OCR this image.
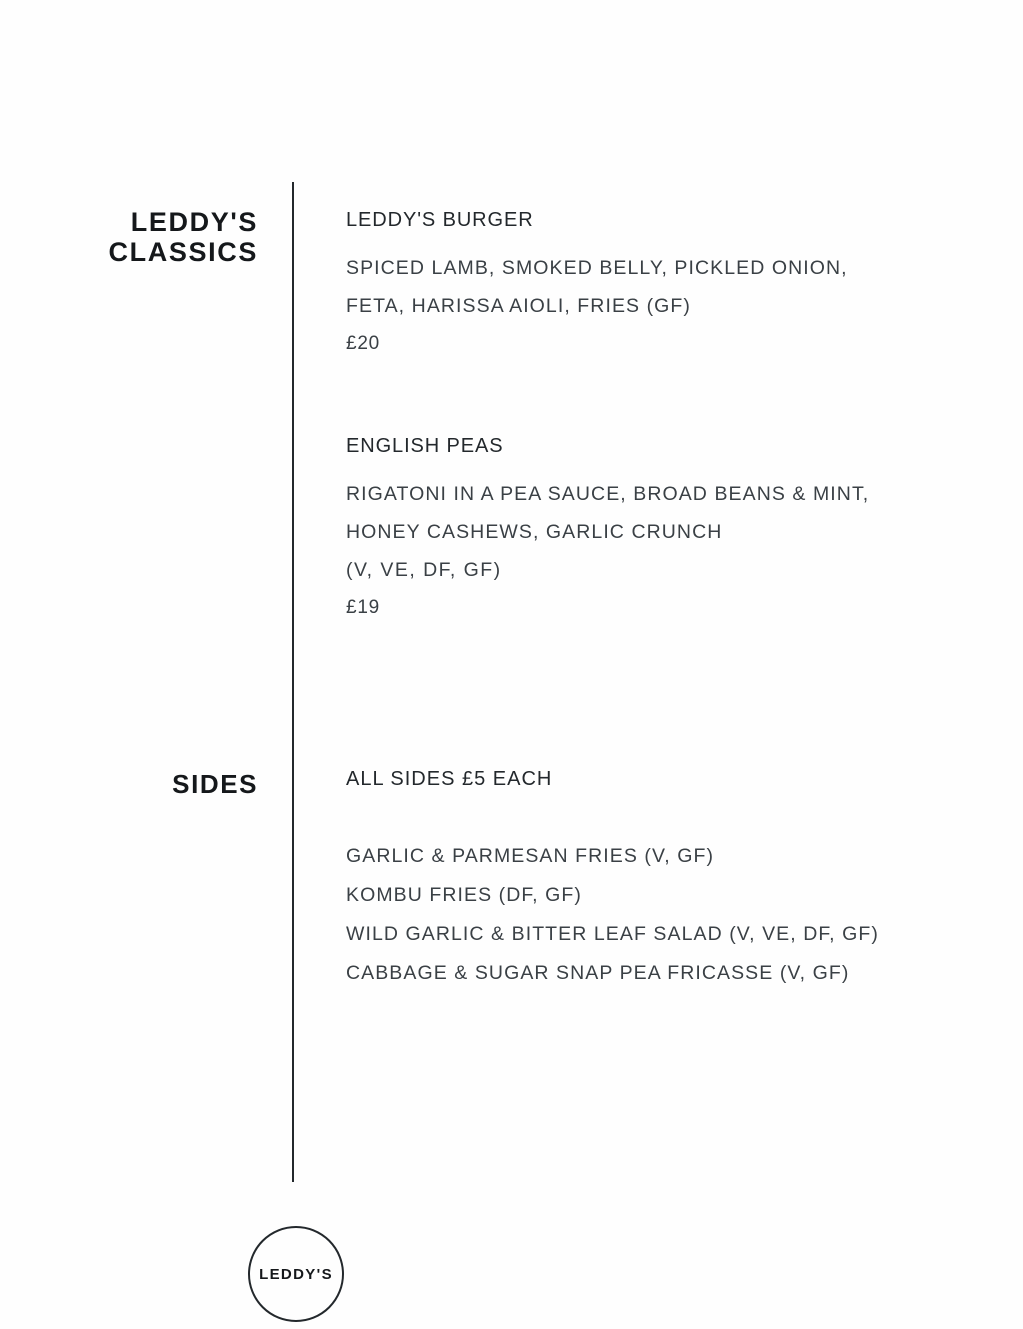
LEDDY'S
CLASSICS
LEDDY'S BURGER
SPICED LAMB, SMOKED BELLY, PICKLED ONION,
FETA, HARISSA AIOLI, FRIES (GF)
£20
ENGLISH PEAS
RIGATONI IN A PEA SAUCE, BROAD BEANS & MINT,
HONEY CASHEWS, GARLIC CRUNCH
(V, VE, DF, GF)
£19
SIDES	ALL SIDES £5 EACH
GARLIC & PARMESAN FRIES (V, GF)
KOMBU FRIES (DF, GF)
WILD GARLIC & BITTER LEAF SALAD (V, VE, DF, GF)
CABBAGE & SUGAR SNAP PEA FRICASSE (V, GF)
LEDDY'S
